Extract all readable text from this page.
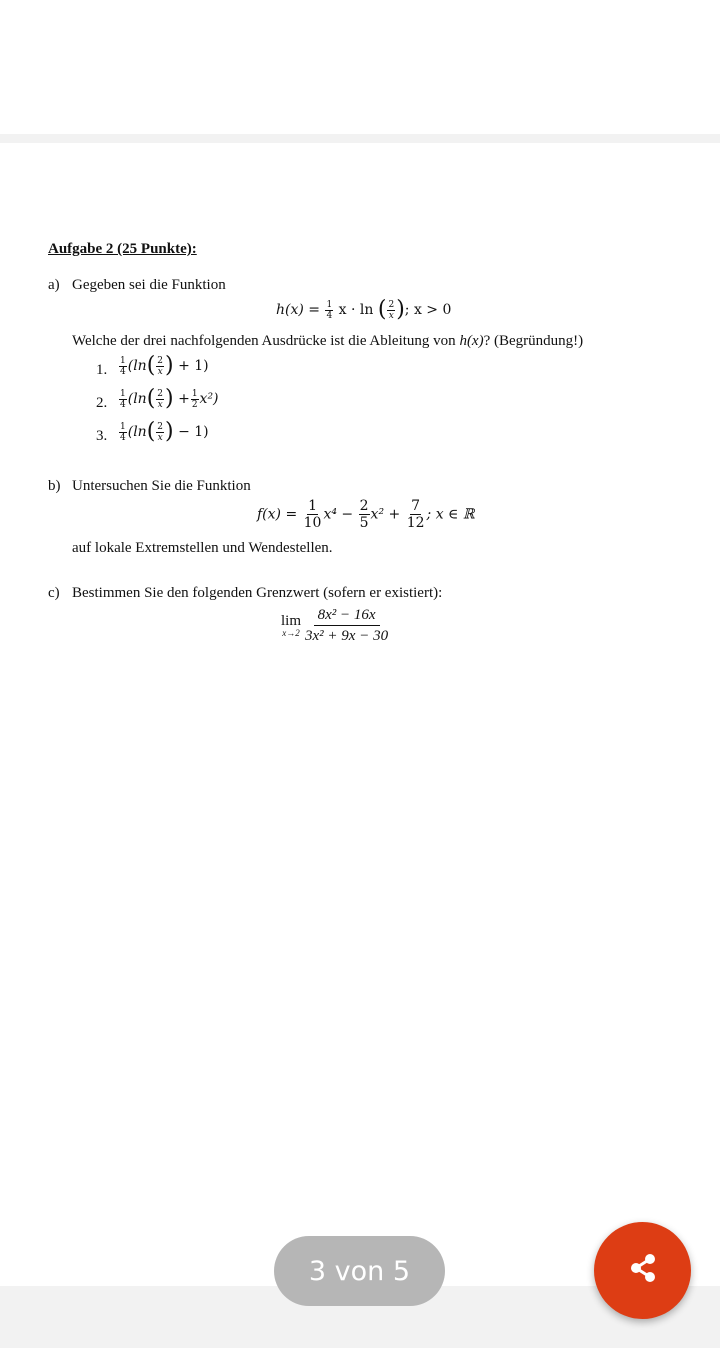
Aufgabe 2 (25 Punkte):
a) Gegeben sei die Funktion
$h(x) = \frac{1}{4}$ x · ln ( $\frac{2}{x}$ ); x > 0
Welche der drei nachfolgenden Ausdrücke ist die Ableitung von h(x)? (Begründung!)
1. $\frac{1}{4} (\ln( \frac{2}{x}$ ) + 1)
2. $\frac{1}{4} (\ln( \frac{2}{x}$ ) + $\frac{1}{2} x^2$)
3. $\frac{1}{4} (\ln( \frac{2}{x}$ ) − 1)
b) Untersuchen Sie die Funktion
$f(x) = \frac{1}{10} x^4 - \frac{2}{5} x^2 + \frac{7}{12}$ ; x ∈ ℝ
auf lokale Extremstellen und Wendestellen.
c) Bestimmen Sie den folgenden Grenzwert (sofern er existiert):
lim
$x\to 2 \frac{\text{8x² − 16x}}{\text{3x² + 9x − 30}}$
3 von 5
